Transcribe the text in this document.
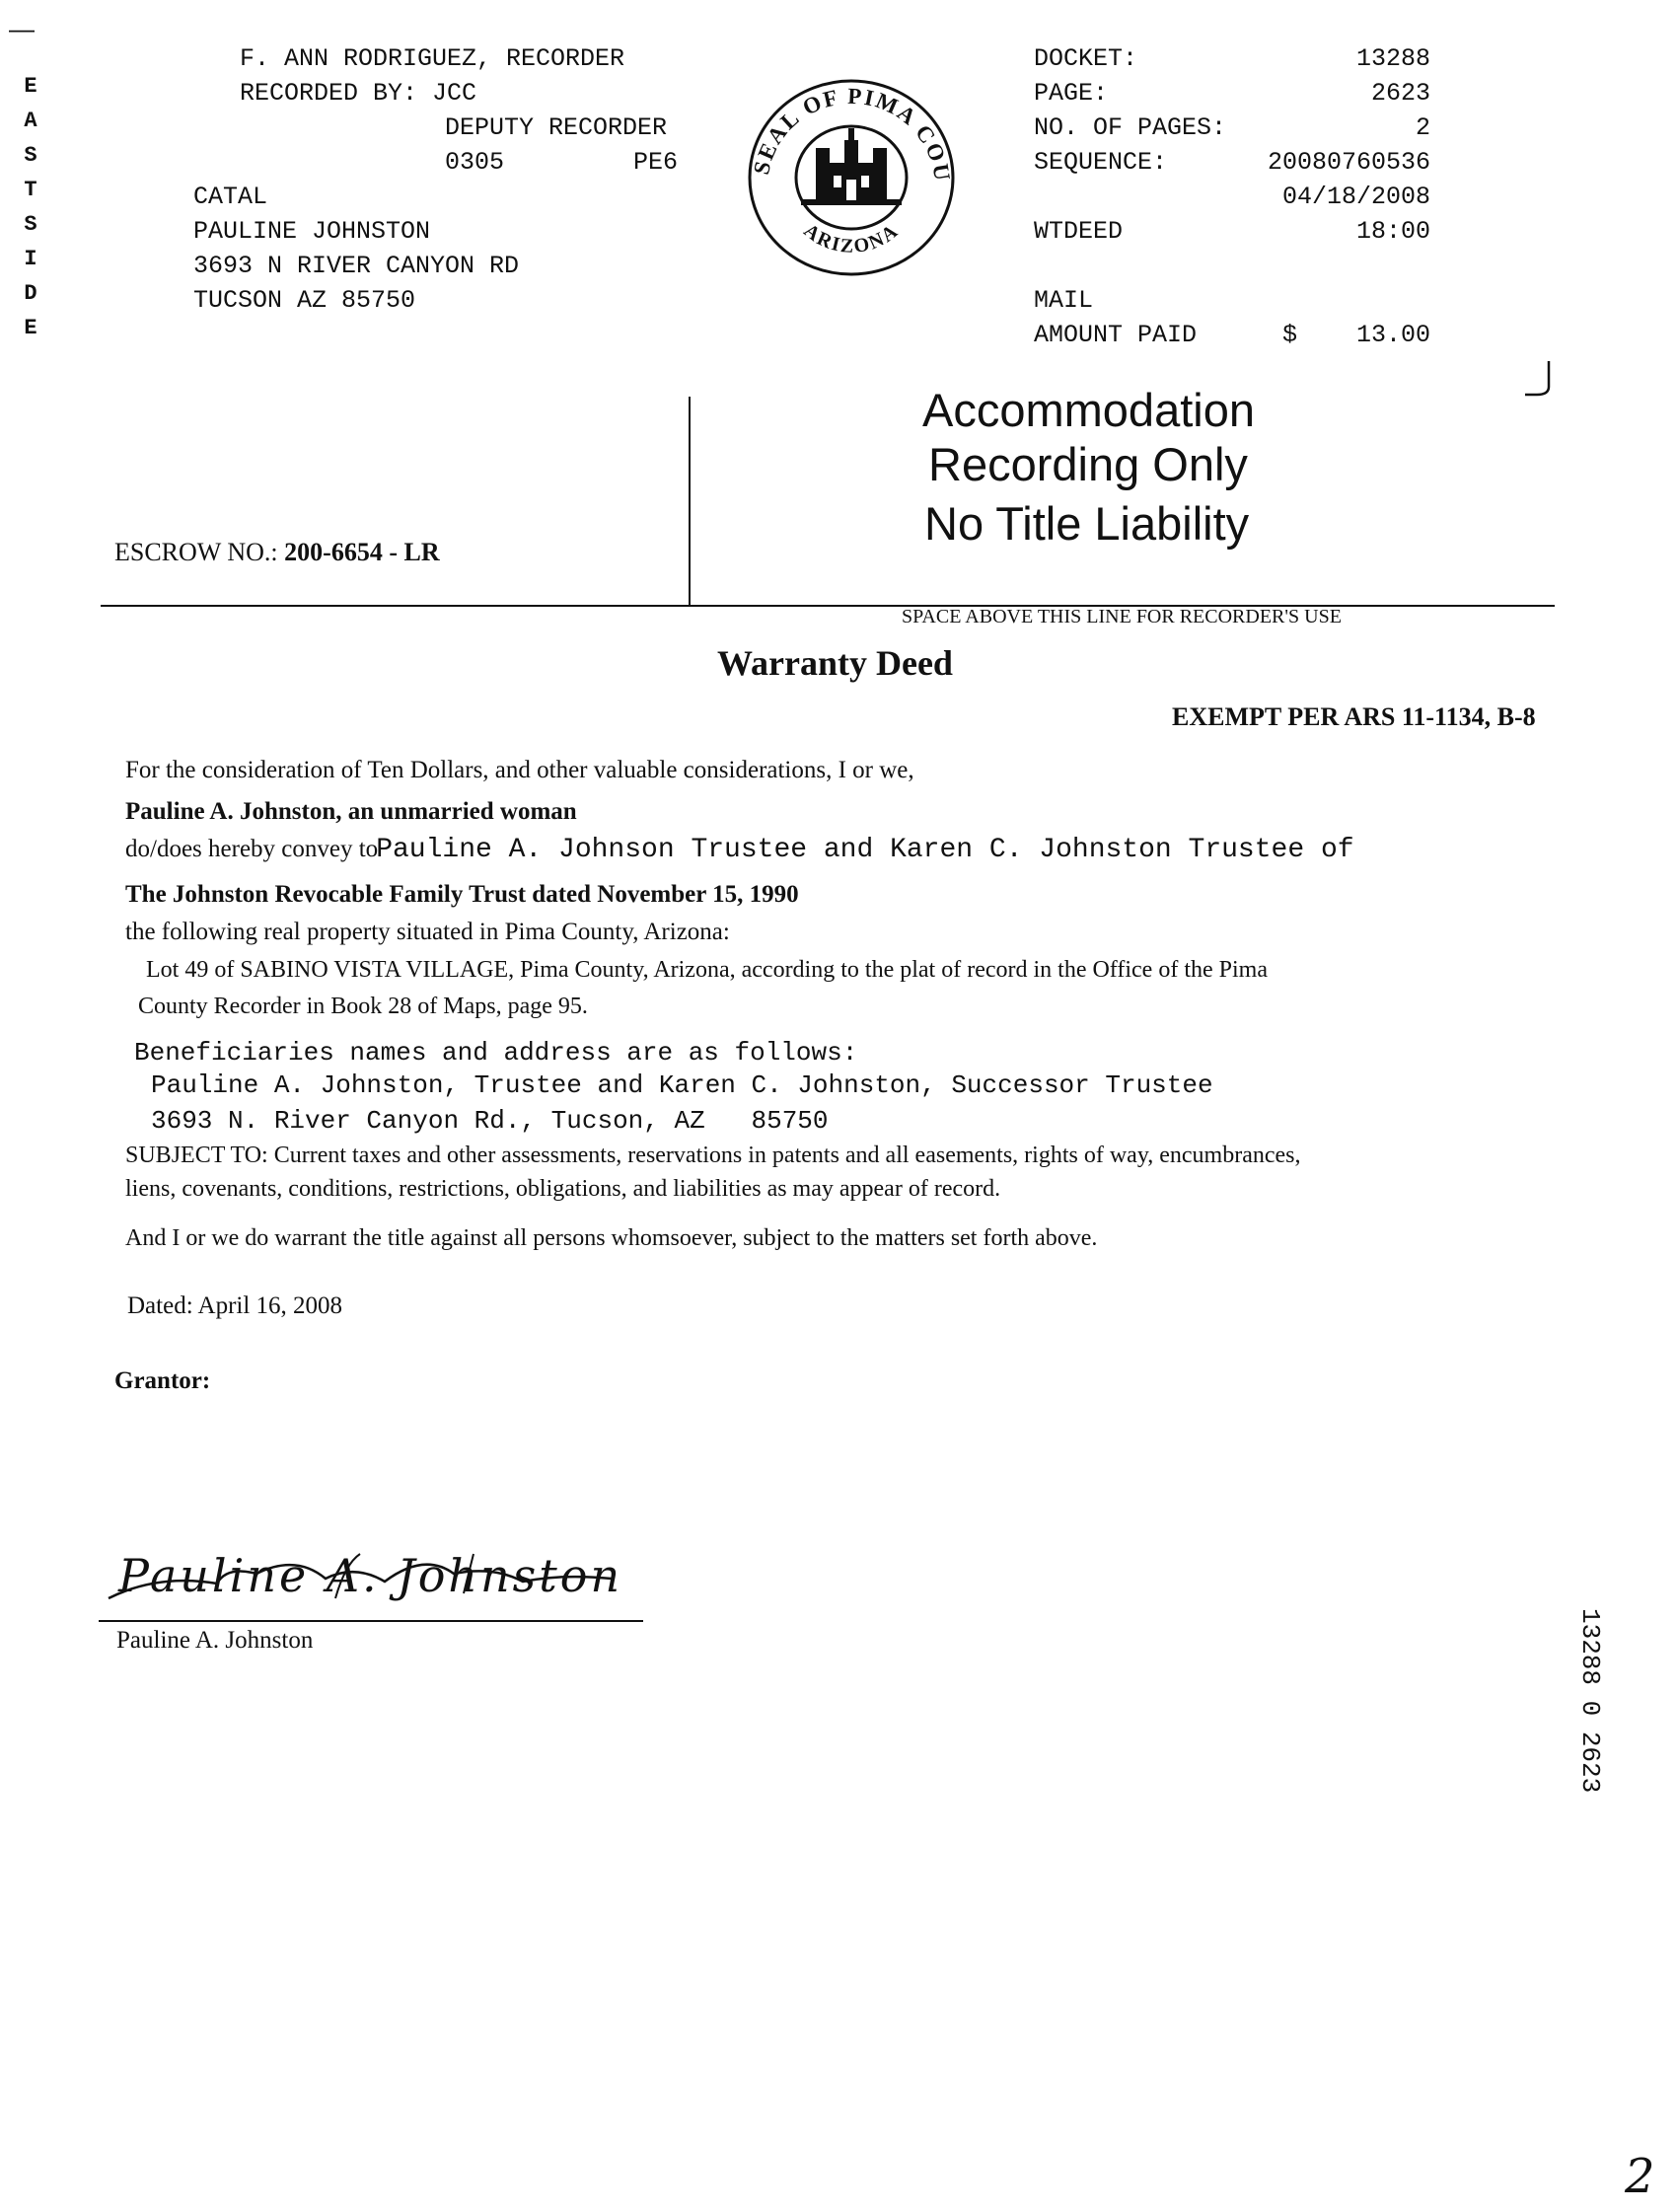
—
E
A
S
T
S
I
D
E
F. ANN RODRIGUEZ, RECORDER
RECORDED BY: JCC
DEPUTY RECORDER
0305	PE6
CATAL
PAULINE JOHNSTON
3693 N RIVER CANYON RD
TUCSON AZ 85750
SEAL OF PIMA COU
ARIZONA
DOCKET:	13288
PAGE:	2623
NO. OF PAGES:	2
SEQUENCE:	20080760536
04/18/2008
WTDEED	18:00
MAIL
AMOUNT PAID	$	13.00
Accommodation
Recording Only
No Title Liability
ESCROW NO.: 200-6654 - LR
SPACE ABOVE THIS LINE FOR RECORDER'S USE
Warranty Deed
EXEMPT PER ARS 11-1134, B-8
For the consideration of Ten Dollars, and other valuable considerations, I or we,
Pauline A. Johnston, an unmarried woman
do/does hereby convey to Pauline A. Johnson Trustee and Karen C. Johnston Trustee of
The Johnston Revocable Family Trust dated November 15, 1990
the following real property situated in Pima County, Arizona:
Lot 49 of SABINO VISTA VILLAGE, Pima County, Arizona, according to the plat of record in the Office of the Pima
County Recorder in Book 28 of Maps, page 95.
Beneficiaries names and address are as follows:
Pauline A. Johnston, Trustee and Karen C. Johnston, Successor Trustee
3693 N. River Canyon Rd., Tucson, AZ   85750
SUBJECT TO: Current taxes and other assessments, reservations in patents and all easements, rights of way, encumbrances,
liens, covenants, conditions, restrictions, obligations, and liabilities as may appear of record.
And I or we do warrant the title against all persons whomsoever, subject to the matters set forth above.
Dated: April 16, 2008
Grantor:
Pauline A. Johnston
Pauline A. Johnston	13288 0 2623
2
